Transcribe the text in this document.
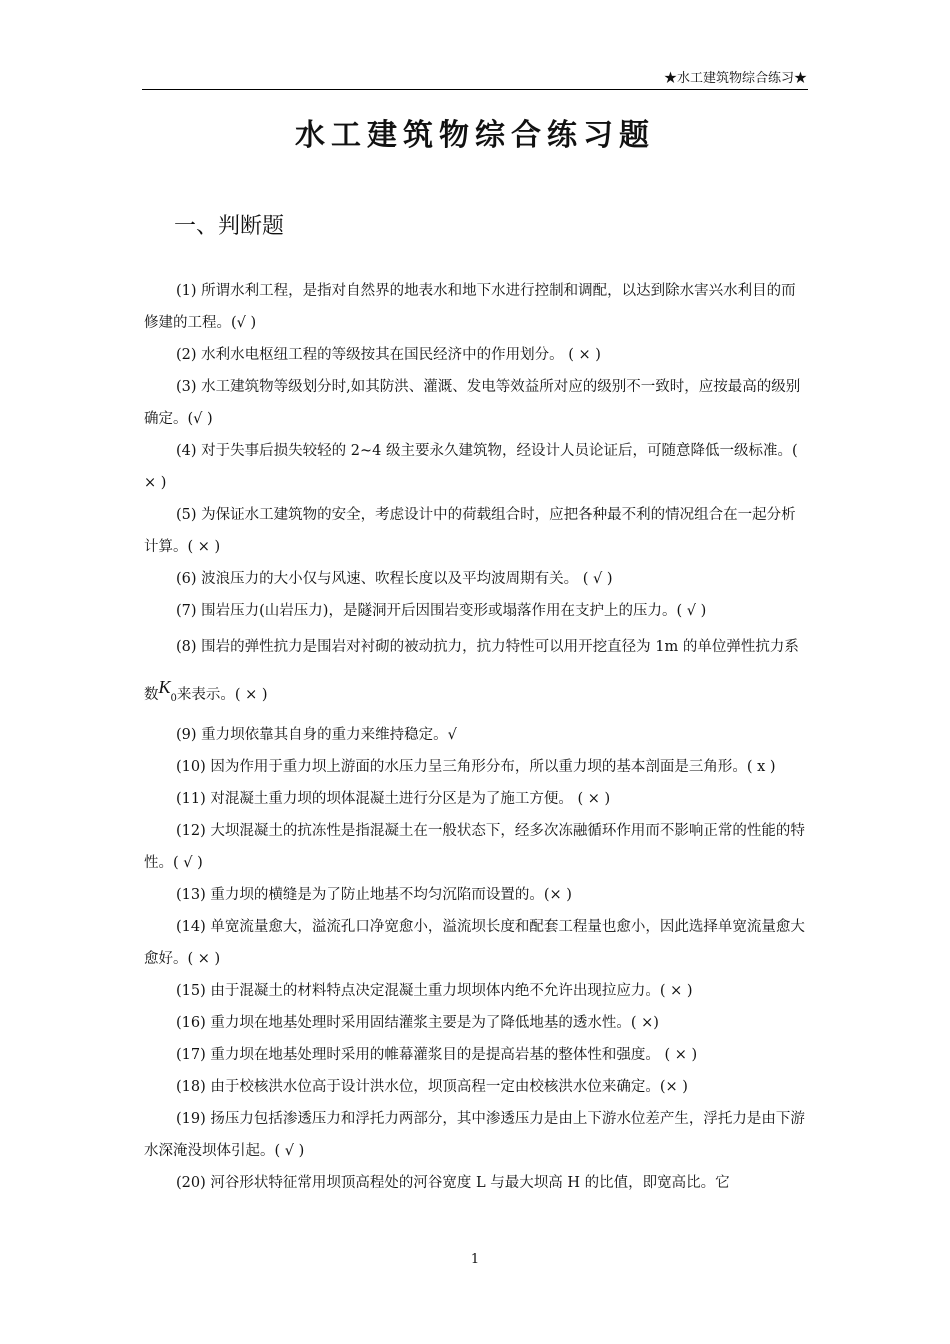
★水工建筑物综合练习★
水工建筑物综合练习题
一、判断题

(1) 所谓水利工程，是指对自然界的地表水和地下水进行控制和调配，以达到除水害兴水利目的而修建的工程。(√ )

(2) 水利水电枢纽工程的等级按其在国民经济中的作用划分。 ( × )

(3) 水工建筑物等级划分时,如其防洪、灌溉、发电等效益所对应的级别不一致时，应按最高的级别确定。(√ )

(4) 对于失事后损失较轻的 2~4 级主要永久建筑物，经设计人员论证后，可随意降低一级标准。( × )

(5) 为保证水工建筑物的安全，考虑设计中的荷载组合时，应把各种最不利的情况组合在一起分析计算。( × )

(6) 波浪压力的大小仅与风速、吹程长度以及平均波周期有关。 ( √ )

(7) 围岩压力(山岩压力)，是隧洞开后因围岩变形或塌落作用在支护上的压力。( √ )

(8) 围岩的弹性抗力是围岩对衬砌的被动抗力，抗力特性可以用开挖直径为 1m 的单位弹性抗力系数K0来表示。( × )

(9) 重力坝依靠其自身的重力来维持稳定。√

(10) 因为作用于重力坝上游面的水压力呈三角形分布，所以重力坝的基本剖面是三角形。( x )

(11) 对混凝土重力坝的坝体混凝土进行分区是为了施工方便。 ( × )

(12) 大坝混凝土的抗冻性是指混凝土在一般状态下，经多次冻融循环作用而不影响正常的性能的特性。( √ )

(13) 重力坝的横缝是为了防止地基不均匀沉陷而设置的。(× )

(14) 单宽流量愈大，溢流孔口净宽愈小，溢流坝长度和配套工程量也愈小，因此选择单宽流量愈大愈好。( × )

(15) 由于混凝土的材料特点决定混凝土重力坝坝体内绝不允许出现拉应力。( × )

(16) 重力坝在地基处理时采用固结灌浆主要是为了降低地基的透水性。( ×)

(17) 重力坝在地基处理时采用的帷幕灌浆目的是提高岩基的整体性和强度。 ( × )

(18) 由于校核洪水位高于设计洪水位，坝顶高程一定由校核洪水位来确定。(× )

(19) 扬压力包括渗透压力和浮托力两部分，其中渗透压力是由上下游水位差产生，浮托力是由下游水深淹没坝体引起。( √ )

(20) 河谷形状特征常用坝顶高程处的河谷宽度 L 与最大坝高 H 的比值，即宽高比。它

1
